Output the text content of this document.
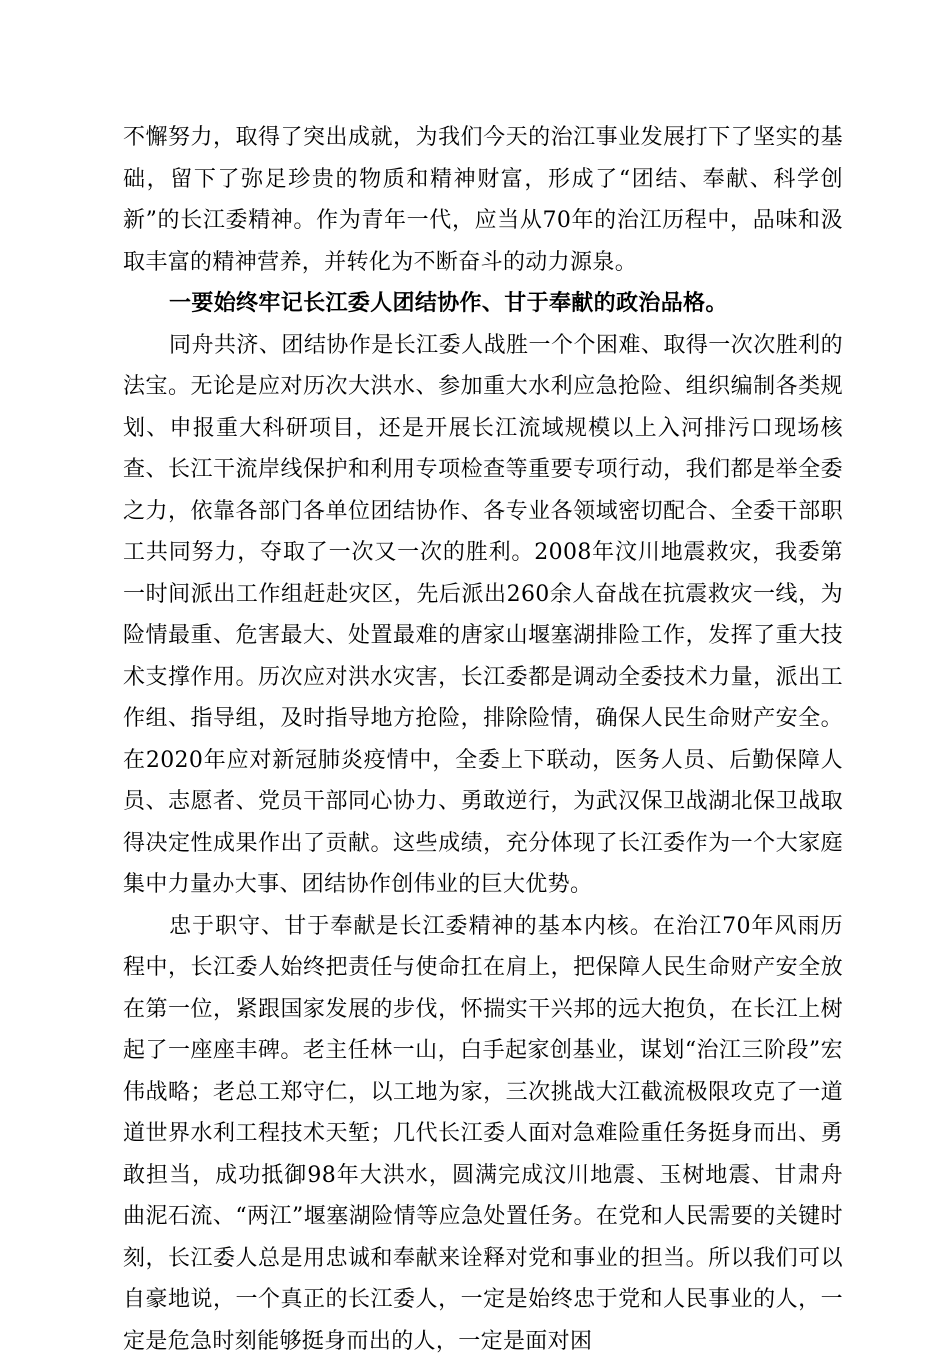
不懈努力，取得了突出成就，为我们今天的治江事业发展打下了坚实的基础，留下了弥足珍贵的物质和精神财富，形成了“团结、奉献、科学创新”的长江委精神。作为青年一代，应当从70年的治江历程中，品味和汲取丰富的精神营养，并转化为不断奋斗的动力源泉。

一要始终牢记长江委人团结协作、甘于奉献的政治品格。

同舟共济、团结协作是长江委人战胜一个个困难、取得一次次胜利的法宝。无论是应对历次大洪水、参加重大水利应急抢险、组织编制各类规划、申报重大科研项目，还是开展长江流域规模以上入河排污口现场核查、长江干流岸线保护和利用专项检查等重要专项行动，我们都是举全委之力，依靠各部门各单位团结协作、各专业各领域密切配合、全委干部职工共同努力，夺取了一次又一次的胜利。2008年汶川地震救灾，我委第一时间派出工作组赶赴灾区，先后派出260余人奋战在抗震救灾一线，为险情最重、危害最大、处置最难的唐家山堰塞湖排险工作，发挥了重大技术支撑作用。历次应对洪水灾害，长江委都是调动全委技术力量，派出工作组、指导组，及时指导地方抢险，排除险情，确保人民生命财产安全。在2020年应对新冠肺炎疫情中，全委上下联动，医务人员、后勤保障人员、志愿者、党员干部同心协力、勇敢逆行，为武汉保卫战湖北保卫战取得决定性成果作出了贡献。这些成绩，充分体现了长江委作为一个大家庭集中力量办大事、团结协作创伟业的巨大优势。

忠于职守、甘于奉献是长江委精神的基本内核。在治江70年风雨历程中，长江委人始终把责任与使命扛在肩上，把保障人民生命财产安全放在第一位，紧跟国家发展的步伐，怀揣实干兴邦的远大抱负，在长江上树起了一座座丰碑。老主任林一山，白手起家创基业，谋划“治江三阶段”宏伟战略；老总工郑守仁，以工地为家，三次挑战大江截流极限攻克了一道道世界水利工程技术天堑；几代长江委人面对急难险重任务挺身而出、勇敢担当，成功抵御98年大洪水，圆满完成汶川地震、玉树地震、甘肃舟曲泥石流、“两江”堰塞湖险情等应急处置任务。在党和人民需要的关键时刻，长江委人总是用忠诚和奉献来诠释对党和事业的担当。所以我们可以自豪地说，一个真正的长江委人，一定是始终忠于党和人民事业的人，一定是危急时刻能够挺身而出的人，一定是面对困
